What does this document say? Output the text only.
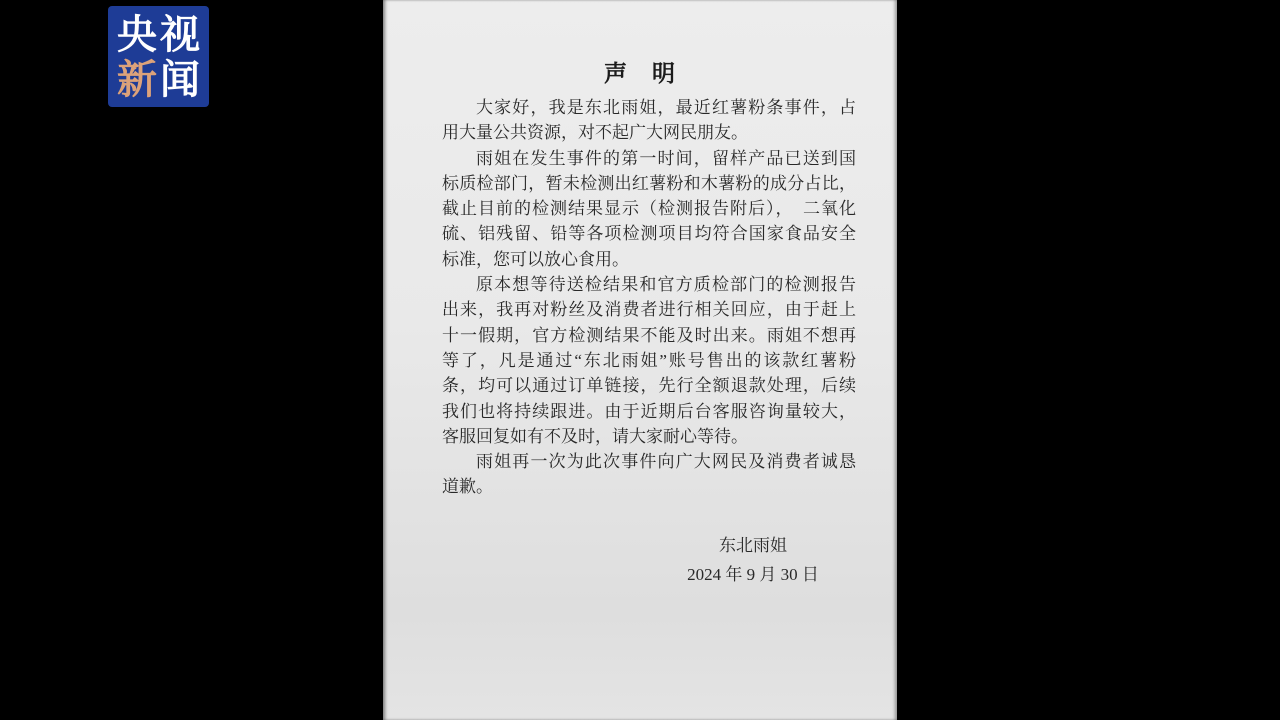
央视
新闻	声　明
大家好，我是东北雨姐，最近红薯粉条事件，占
用大量公共资源，对不起广大网民朋友。
雨姐在发生事件的第一时间，留样产品已送到国
标质检部门，暂未检测出红薯粉和木薯粉的成分占比，
截止目前的检测结果显示（检测报告附后），　二氧化
硫、铝残留、铅等各项检测项目均符合国家食品安全
标准，您可以放心食用。
原本想等待送检结果和官方质检部门的检测报告
出来，我再对粉丝及消费者进行相关回应，由于赶上
十一假期，官方检测结果不能及时出来。雨姐不想再
等了，凡是通过“东北雨姐”账号售出的该款红薯粉
条，均可以通过订单链接，先行全额退款处理，后续
我们也将持续跟进。由于近期后台客服咨询量较大，
客服回复如有不及时，请大家耐心等待。
雨姐再一次为此次事件向广大网民及消费者诚恳
道歉。
东北雨姐
2024 年 9 月 30 日
